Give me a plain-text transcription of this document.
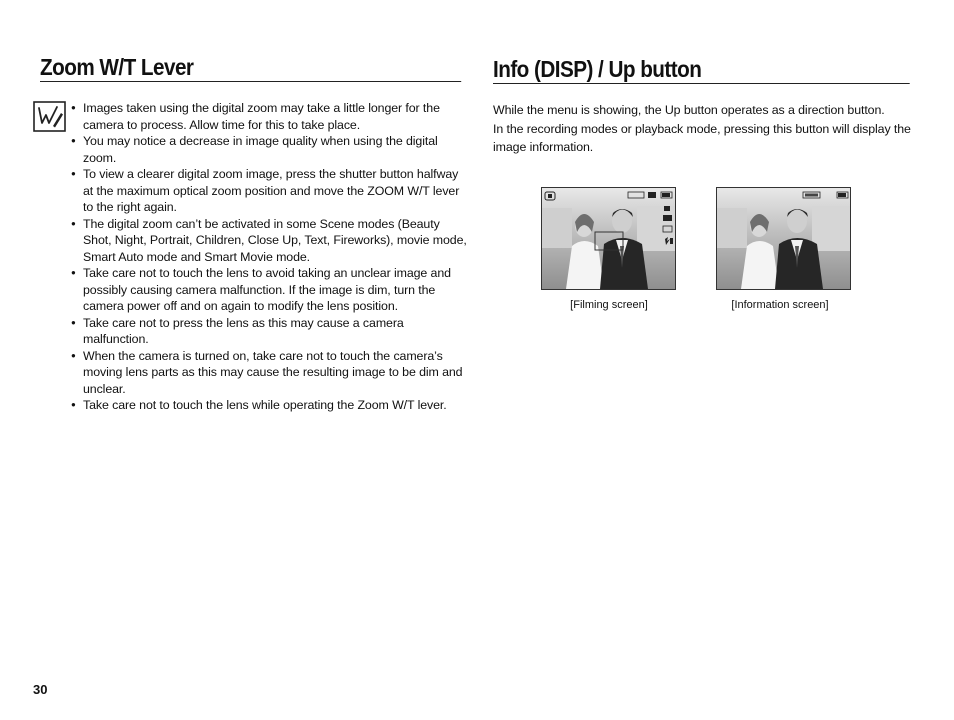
Zoom W/T Lever
● Images taken using the digital zoom may take a little longer for the camera to process. Allow time for this to take place.
● You may notice a decrease in image quality when using the digital zoom.
● To view a clearer digital zoom image, press the shutter button halfway at the maximum optical zoom position and move the ZOOM W/T lever to the right again.
● The digital zoom can’t be activated in some Scene modes (Beauty Shot, Night, Portrait, Children, Close Up, Text, Fireworks), movie mode, Smart Auto mode and Smart Movie mode.
● Take care not to touch the lens to avoid taking an unclear image and possibly causing camera malfunction. If the image is dim, turn the camera power off and on again to modify the lens position.
● Take care not to press the lens as this may cause a camera malfunction.
● When the camera is turned on, take care not to touch the camera’s moving lens parts as this may cause the resulting image to be dim and unclear.
● Take care not to touch the lens while operating the Zoom W/T lever.
Info (DISP) / Up button

While the menu is showing, the Up button operates as a direction button.

In the recording modes or playback mode, pressing this button will display the image information.

[Filming screen]	[Information screen]
30
